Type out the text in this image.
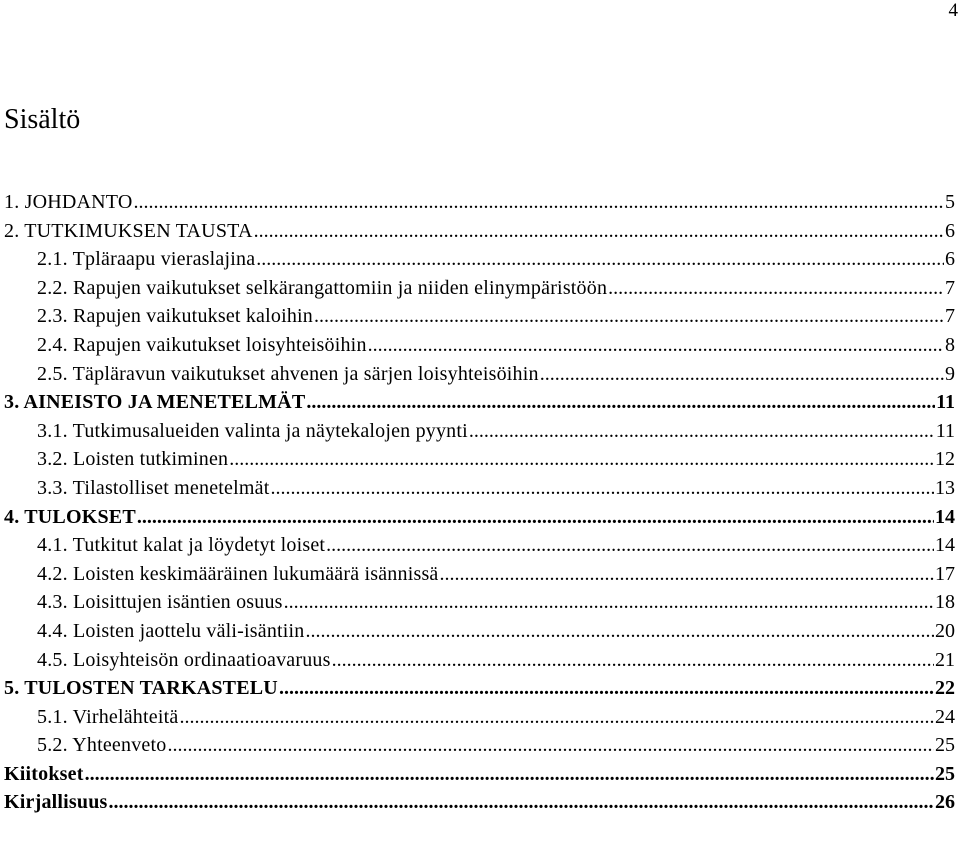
4
Sisältö
1. JOHDANTO .....	5
2. TUTKIMUKSEN TAUSTA .....	6
2.1. Tpläraapu vieraslajina .....	6
2.2. Rapujen vaikutukset selkärangattomiin ja niiden elinympäristöön .....	7
2.3. Rapujen vaikutukset kaloihin .....	7
2.4. Rapujen vaikutukset loisyhteisöihin .....	8
2.5. Täpläravun vaikutukset ahvenen ja särjen loisyhteisöihin .....	9
3. AINEISTO JA MENETELMÄT .....	11
3.1. Tutkimusalueiden valinta ja näytekalojen pyynti .....	11
3.2. Loisten tutkiminen .....	12
3.3. Tilastolliset menetelmät .....	13
4. TULOKSET .....	14
4.1. Tutkitut kalat ja löydetyt loiset .....	14
4.2. Loisten keskimääräinen lukumäärä isännissä .....	17
4.3. Loisittujen isäntien osuus .....	18
4.4. Loisten jaottelu väli-isäntiin .....	20
4.5. Loisyhteisön ordinaatioavaruus .....	21
5. TULOSTEN TARKASTELU .....	22
5.1. Virhelähteitä .....	24
5.2. Yhteenveto .....	25
Kiitokset .....	25
Kirjallisuus .....	26
